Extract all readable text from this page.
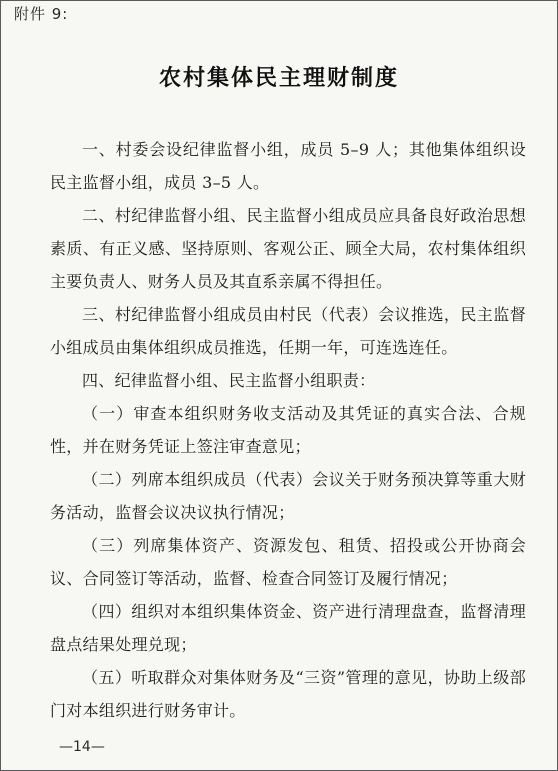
附件 9:
农村集体民主理财制度

一、村委会设纪律监督小组，成员 5–9 人；其他集体组织设民主监督小组，成员 3–5 人。

二、村纪律监督小组、民主监督小组成员应具备良好政治思想素质、有正义感、坚持原则、客观公正、顾全大局，农村集体组织主要负责人、财务人员及其直系亲属不得担任。

三、村纪律监督小组成员由村民（代表）会议推选，民主监督小组成员由集体组织成员推选，任期一年，可连选连任。

四、纪律监督小组、民主监督小组职责：

（一）审查本组织财务收支活动及其凭证的真实合法、合规性，并在财务凭证上签注审查意见；

（二）列席本组织成员（代表）会议关于财务预决算等重大财务活动，监督会议决议执行情况；

（三）列席集体资产、资源发包、租赁、招投或公开协商会议、合同签订等活动，监督、检查合同签订及履行情况；

（四）组织对本组织集体资金、资产进行清理盘查，监督清理盘点结果处理兑现；

（五）听取群众对集体财务及“三资”管理的意见，协助上级部门对本组织进行财务审计。

—14—
